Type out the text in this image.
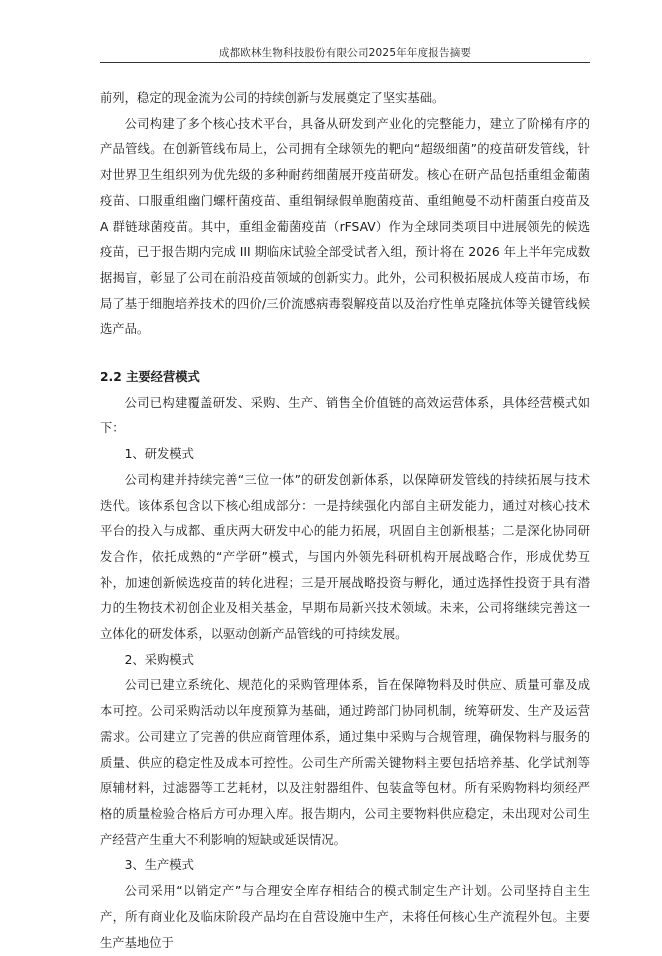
成都欧林生物科技股份有限公司2025年年度报告摘要

前列，稳定的现金流为公司的持续创新与发展奠定了坚实基础。

公司构建了多个核心技术平台，具备从研发到产业化的完整能力，建立了阶梯有序的产品管线。在创新管线布局上，公司拥有全球领先的靶向“超级细菌”的疫苗研发管线，针对世界卫生组织列为优先级的多种耐药细菌展开疫苗研发。核心在研产品包括重组金葡菌疫苗、口服重组幽门螺杆菌疫苗、重组铜绿假单胞菌疫苗、重组鲍曼不动杆菌蛋白疫苗及 A 群链球菌疫苗。其中，重组金葡菌疫苗（rFSAV）作为全球同类项目中进展领先的候选疫苗，已于报告期内完成 III 期临床试验全部受试者入组，预计将在 2026 年上半年完成数据揭盲，彰显了公司在前沿疫苗领域的创新实力。此外，公司积极拓展成人疫苗市场，布局了基于细胞培养技术的四价/三价流感病毒裂解疫苗以及治疗性单克隆抗体等关键管线候选产品。

2.2 主要经营模式

公司已构建覆盖研发、采购、生产、销售全价值链的高效运营体系，具体经营模式如下：

1、研发模式

公司构建并持续完善“三位一体”的研发创新体系，以保障研发管线的持续拓展与技术迭代。该体系包含以下核心组成部分：一是持续强化内部自主研发能力，通过对核心技术平台的投入与成都、重庆两大研发中心的能力拓展，巩固自主创新根基；二是深化协同研发合作，依托成熟的“产学研”模式，与国内外领先科研机构开展战略合作，形成优势互补，加速创新候选疫苗的转化进程；三是开展战略投资与孵化，通过选择性投资于具有潜力的生物技术初创企业及相关基金，早期布局新兴技术领域。未来，公司将继续完善这一立体化的研发体系，以驱动创新产品管线的可持续发展。

2、采购模式

公司已建立系统化、规范化的采购管理体系，旨在保障物料及时供应、质量可靠及成本可控。公司采购活动以年度预算为基础，通过跨部门协同机制，统筹研发、生产及运营需求。公司建立了完善的供应商管理体系，通过集中采购与合规管理，确保物料与服务的质量、供应的稳定性及成本可控性。公司生产所需关键物料主要包括培养基、化学试剂等原辅材料，过滤器等工艺耗材，以及注射器组件、包装盒等包材。所有采购物料均须经严格的质量检验合格后方可办理入库。报告期内，公司主要物料供应稳定，未出现对公司生产经营产生重大不利影响的短缺或延误情况。

3、生产模式

公司采用“以销定产”与合理安全库存相结合的模式制定生产计划。公司坚持自主生产，所有商业化及临床阶段产品均在自营设施中生产，未将任何核心生产流程外包。主要生产基地位于
